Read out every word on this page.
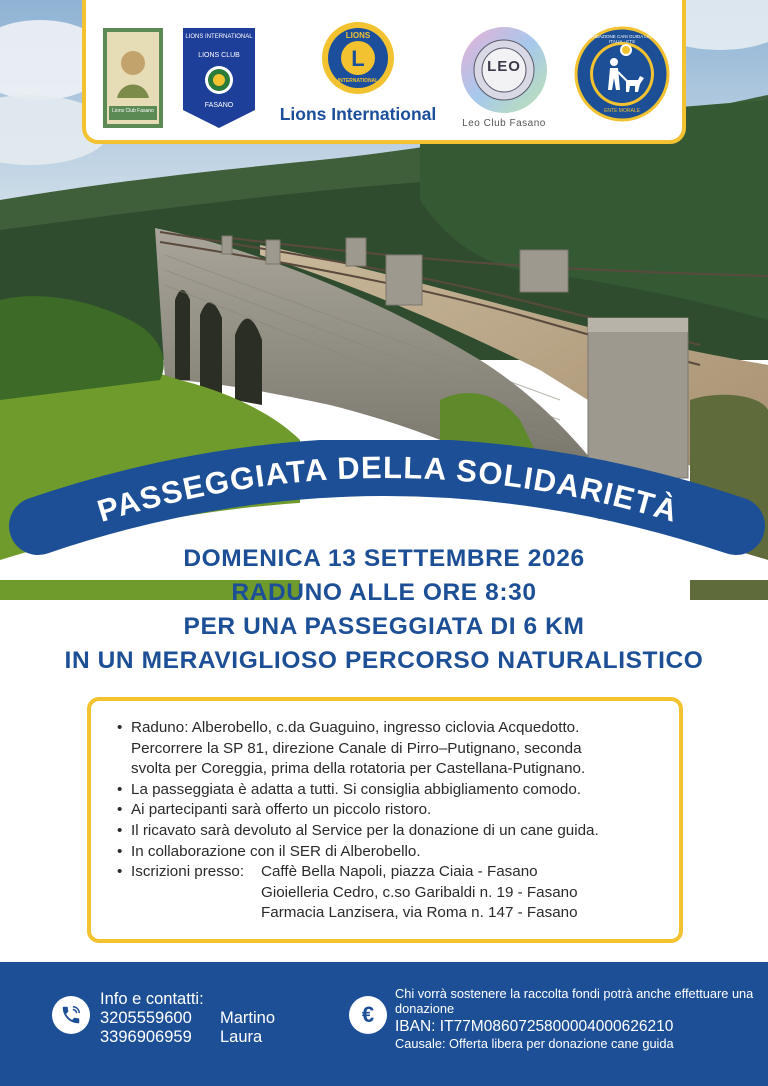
Lions Club Fasano
LIONS INTERNATIONAL
LIONS CLUB
FASANO
L
LIONS
INTERNATIONAL
Lions International
LEO
Leo Club Fasano
FONDAZIONE CANI GUIDA LIONS ITALIA - ETS
ENTE MORALE
PASSEGGIATA DELLA SOLIDARIETÀ
DOMENICA 13 SETTEMBRE 2026
RADUNO ALLE ORE 8:30
PER UNA PASSEGGIATA DI 6 KM
IN UN MERAVIGLIOSO PERCORSO NATURALISTICO
• Raduno: Alberobello, c.da Guaguino, ingresso ciclovia Acquedotto.
Percorrere la SP 81, direzione Canale di Pirro–Putignano, seconda
svolta per Coreggia, prima della rotatoria per Castellana-Putignano.
• La passeggiata è adatta a tutti. Si consiglia abbigliamento comodo.
• Ai partecipanti sarà offerto un piccolo ristoro.
• Il ricavato sarà devoluto al Service per la donazione di un cane guida.
• In collaborazione con il SER di Alberobello.
• Iscrizioni presso:	Caffè Bella Napoli, piazza Ciaia - Fasano
Gioielleria Cedro, c.so Garibaldi n. 19 - Fasano
Farmacia Lanzisera, via Roma n. 147 - Fasano
Info e contatti:
3205559600 Martino
3396906959 Laura
€
Chi vorrà sostenere la raccolta fondi potrà anche effettuare una donazione
IBAN: IT77M0860725800004000626210
Causale: Offerta libera per donazione cane guida
